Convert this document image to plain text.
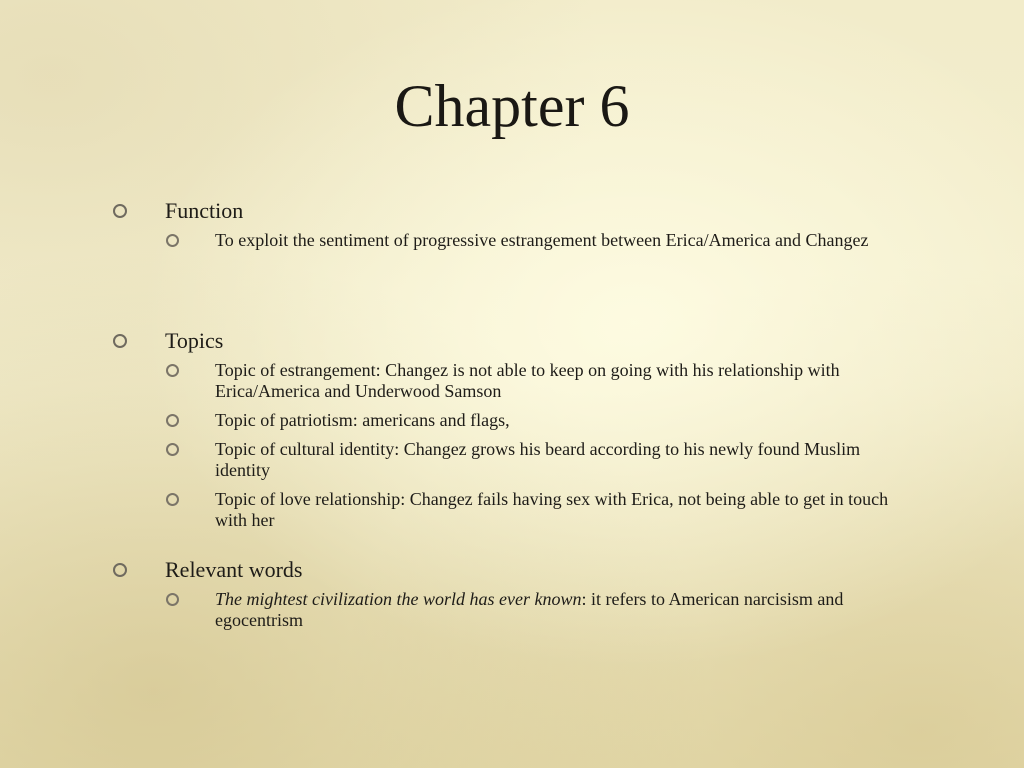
Chapter 6
Function
To exploit the sentiment of progressive estrangement between Erica/America and Changez
Topics
Topic of estrangement: Changez is not able to keep on going with his relationship with Erica/America and Underwood Samson
Topic of patriotism: americans and flags,
Topic of cultural identity: Changez grows his beard according to his newly found Muslim identity
Topic of love relationship: Changez fails having sex with Erica, not being able to get in touch with her
Relevant words
The mightest civilization the world has ever known: it refers to American narcisism and egocentrism
